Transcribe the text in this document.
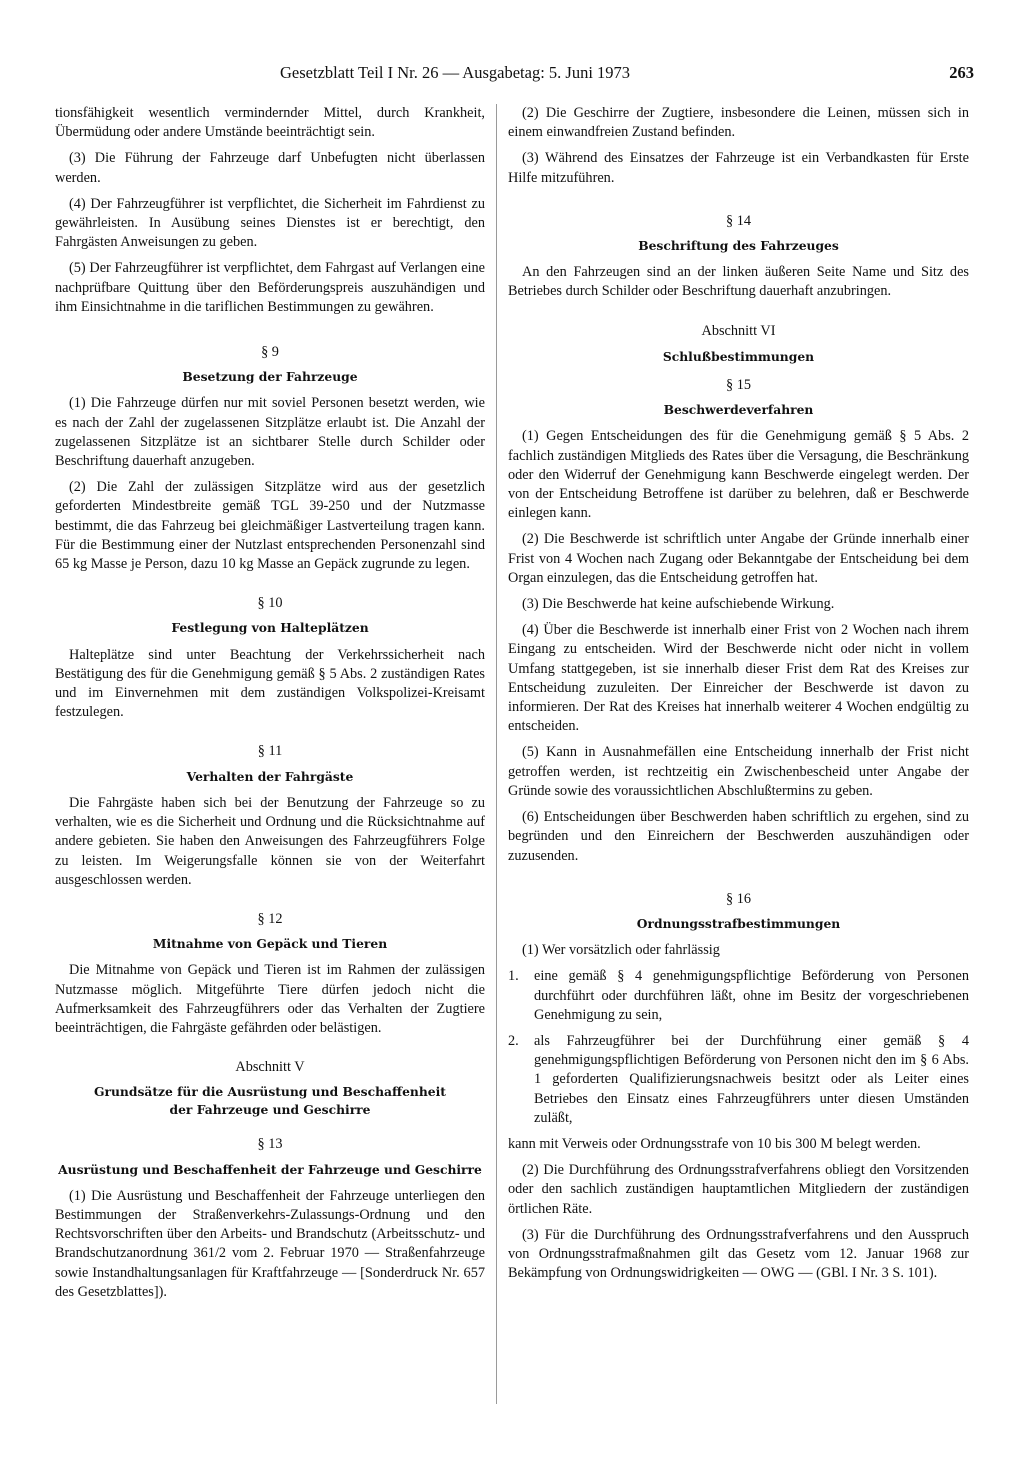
Gesetzblatt Teil I Nr. 26 — Ausgabetag: 5. Juni 1973	263

tionsfähigkeit wesentlich vermindernder Mittel, durch Krankheit, Übermüdung oder andere Umstände beeinträchtigt sein.

(3) Die Führung der Fahrzeuge darf Unbefugten nicht überlassen werden.

(4) Der Fahrzeugführer ist verpflichtet, die Sicherheit im Fahrdienst zu gewährleisten. In Ausübung seines Dienstes ist er berechtigt, den Fahrgästen Anweisungen zu geben.

(5) Der Fahrzeugführer ist verpflichtet, dem Fahrgast auf Verlangen eine nachprüfbare Quittung über den Beförderungspreis auszuhändigen und ihm Einsichtnahme in die tariflichen Bestimmungen zu gewähren.

§ 9

Besetzung der Fahrzeuge

(1) Die Fahrzeuge dürfen nur mit soviel Personen besetzt werden, wie es nach der Zahl der zugelassenen Sitzplätze erlaubt ist. Die Anzahl der zugelassenen Sitzplätze ist an sichtbarer Stelle durch Schilder oder Beschriftung dauerhaft anzugeben.

(2) Die Zahl der zulässigen Sitzplätze wird aus der gesetzlich geforderten Mindestbreite gemäß TGL 39-250 und der Nutzmasse bestimmt, die das Fahrzeug bei gleichmäßiger Lastverteilung tragen kann. Für die Bestimmung einer der Nutzlast entsprechenden Personenzahl sind 65 kg Masse je Person, dazu 10 kg Masse an Gepäck zugrunde zu legen.

§ 10

Festlegung von Halteplätzen

Halteplätze sind unter Beachtung der Verkehrssicherheit nach Bestätigung des für die Genehmigung gemäß § 5 Abs. 2 zuständigen Rates und im Einvernehmen mit dem zuständigen Volkspolizei-Kreisamt festzulegen.

§ 11

Verhalten der Fahrgäste

Die Fahrgäste haben sich bei der Benutzung der Fahrzeuge so zu verhalten, wie es die Sicherheit und Ordnung und die Rücksichtnahme auf andere gebieten. Sie haben den Anweisungen des Fahrzeugführers Folge zu leisten. Im Weigerungsfalle können sie von der Weiterfahrt ausgeschlossen werden.

§ 12

Mitnahme von Gepäck und Tieren

Die Mitnahme von Gepäck und Tieren ist im Rahmen der zulässigen Nutzmasse möglich. Mitgeführte Tiere dürfen jedoch nicht die Aufmerksamkeit des Fahrzeugführers oder das Verhalten der Zugtiere beeinträchtigen, die Fahrgäste gefährden oder belästigen.

Abschnitt V

Grundsätze für die Ausrüstung und Beschaffenheit

der Fahrzeuge und Geschirre

§ 13

Ausrüstung und Beschaffenheit der Fahrzeuge und Geschirre

(1) Die Ausrüstung und Beschaffenheit der Fahrzeuge unterliegen den Bestimmungen der Straßenverkehrs-Zulassungs-Ordnung und den Rechtsvorschriften über den Arbeits- und Brandschutz (Arbeitsschutz- und Brandschutzanordnung 361/2 vom 2. Februar 1970 — Straßenfahrzeuge sowie Instandhaltungsanlagen für Kraftfahrzeuge — [Sonderdruck Nr. 657 des Gesetzblattes]).

(2) Die Geschirre der Zugtiere, insbesondere die Leinen, müssen sich in einem einwandfreien Zustand befinden.

(3) Während des Einsatzes der Fahrzeuge ist ein Verbandkasten für Erste Hilfe mitzuführen.

§ 14

Beschriftung des Fahrzeuges

An den Fahrzeugen sind an der linken äußeren Seite Name und Sitz des Betriebes durch Schilder oder Beschriftung dauerhaft anzubringen.

Abschnitt VI

Schlußbestimmungen

§ 15

Beschwerdeverfahren

(1) Gegen Entscheidungen des für die Genehmigung gemäß § 5 Abs. 2 fachlich zuständigen Mitglieds des Rates über die Versagung, die Beschränkung oder den Widerruf der Genehmigung kann Beschwerde eingelegt werden. Der von der Entscheidung Betroffene ist darüber zu belehren, daß er Beschwerde einlegen kann.

(2) Die Beschwerde ist schriftlich unter Angabe der Gründe innerhalb einer Frist von 4 Wochen nach Zugang oder Bekanntgabe der Entscheidung bei dem Organ einzulegen, das die Entscheidung getroffen hat.

(3) Die Beschwerde hat keine aufschiebende Wirkung.

(4) Über die Beschwerde ist innerhalb einer Frist von 2 Wochen nach ihrem Eingang zu entscheiden. Wird der Beschwerde nicht oder nicht in vollem Umfang stattgegeben, ist sie innerhalb dieser Frist dem Rat des Kreises zur Entscheidung zuzuleiten. Der Einreicher der Beschwerde ist davon zu informieren. Der Rat des Kreises hat innerhalb weiterer 4 Wochen endgültig zu entscheiden.

(5) Kann in Ausnahmefällen eine Entscheidung innerhalb der Frist nicht getroffen werden, ist rechtzeitig ein Zwischenbescheid unter Angabe der Gründe sowie des voraussichtlichen Abschlußtermins zu geben.

(6) Entscheidungen über Beschwerden haben schriftlich zu ergehen, sind zu begründen und den Einreichern der Beschwerden auszuhändigen oder zuzusenden.

§ 16

Ordnungsstrafbestimmungen

(1) Wer vorsätzlich oder fahrlässig

1.	eine gemäß § 4 genehmigungspflichtige Beförderung von Personen durchführt oder durchführen läßt, ohne im Besitz der vorgeschriebenen Genehmigung zu sein,
2.	als Fahrzeugführer bei der Durchführung einer gemäß § 4 genehmigungspflichtigen Beförderung von Personen nicht den im § 6 Abs. 1 geforderten Qualifizierungsnachweis besitzt oder als Leiter eines Betriebes den Einsatz eines Fahrzeugführers unter diesen Umständen zuläßt,

kann mit Verweis oder Ordnungsstrafe von 10 bis 300 M belegt werden.

(2) Die Durchführung des Ordnungsstrafverfahrens obliegt den Vorsitzenden oder den sachlich zuständigen hauptamtlichen Mitgliedern der zuständigen örtlichen Räte.

(3) Für die Durchführung des Ordnungsstrafverfahrens und den Ausspruch von Ordnungsstrafmaßnahmen gilt das Gesetz vom 12. Januar 1968 zur Bekämpfung von Ordnungswidrigkeiten — OWG — (GBl. I Nr. 3 S. 101).
